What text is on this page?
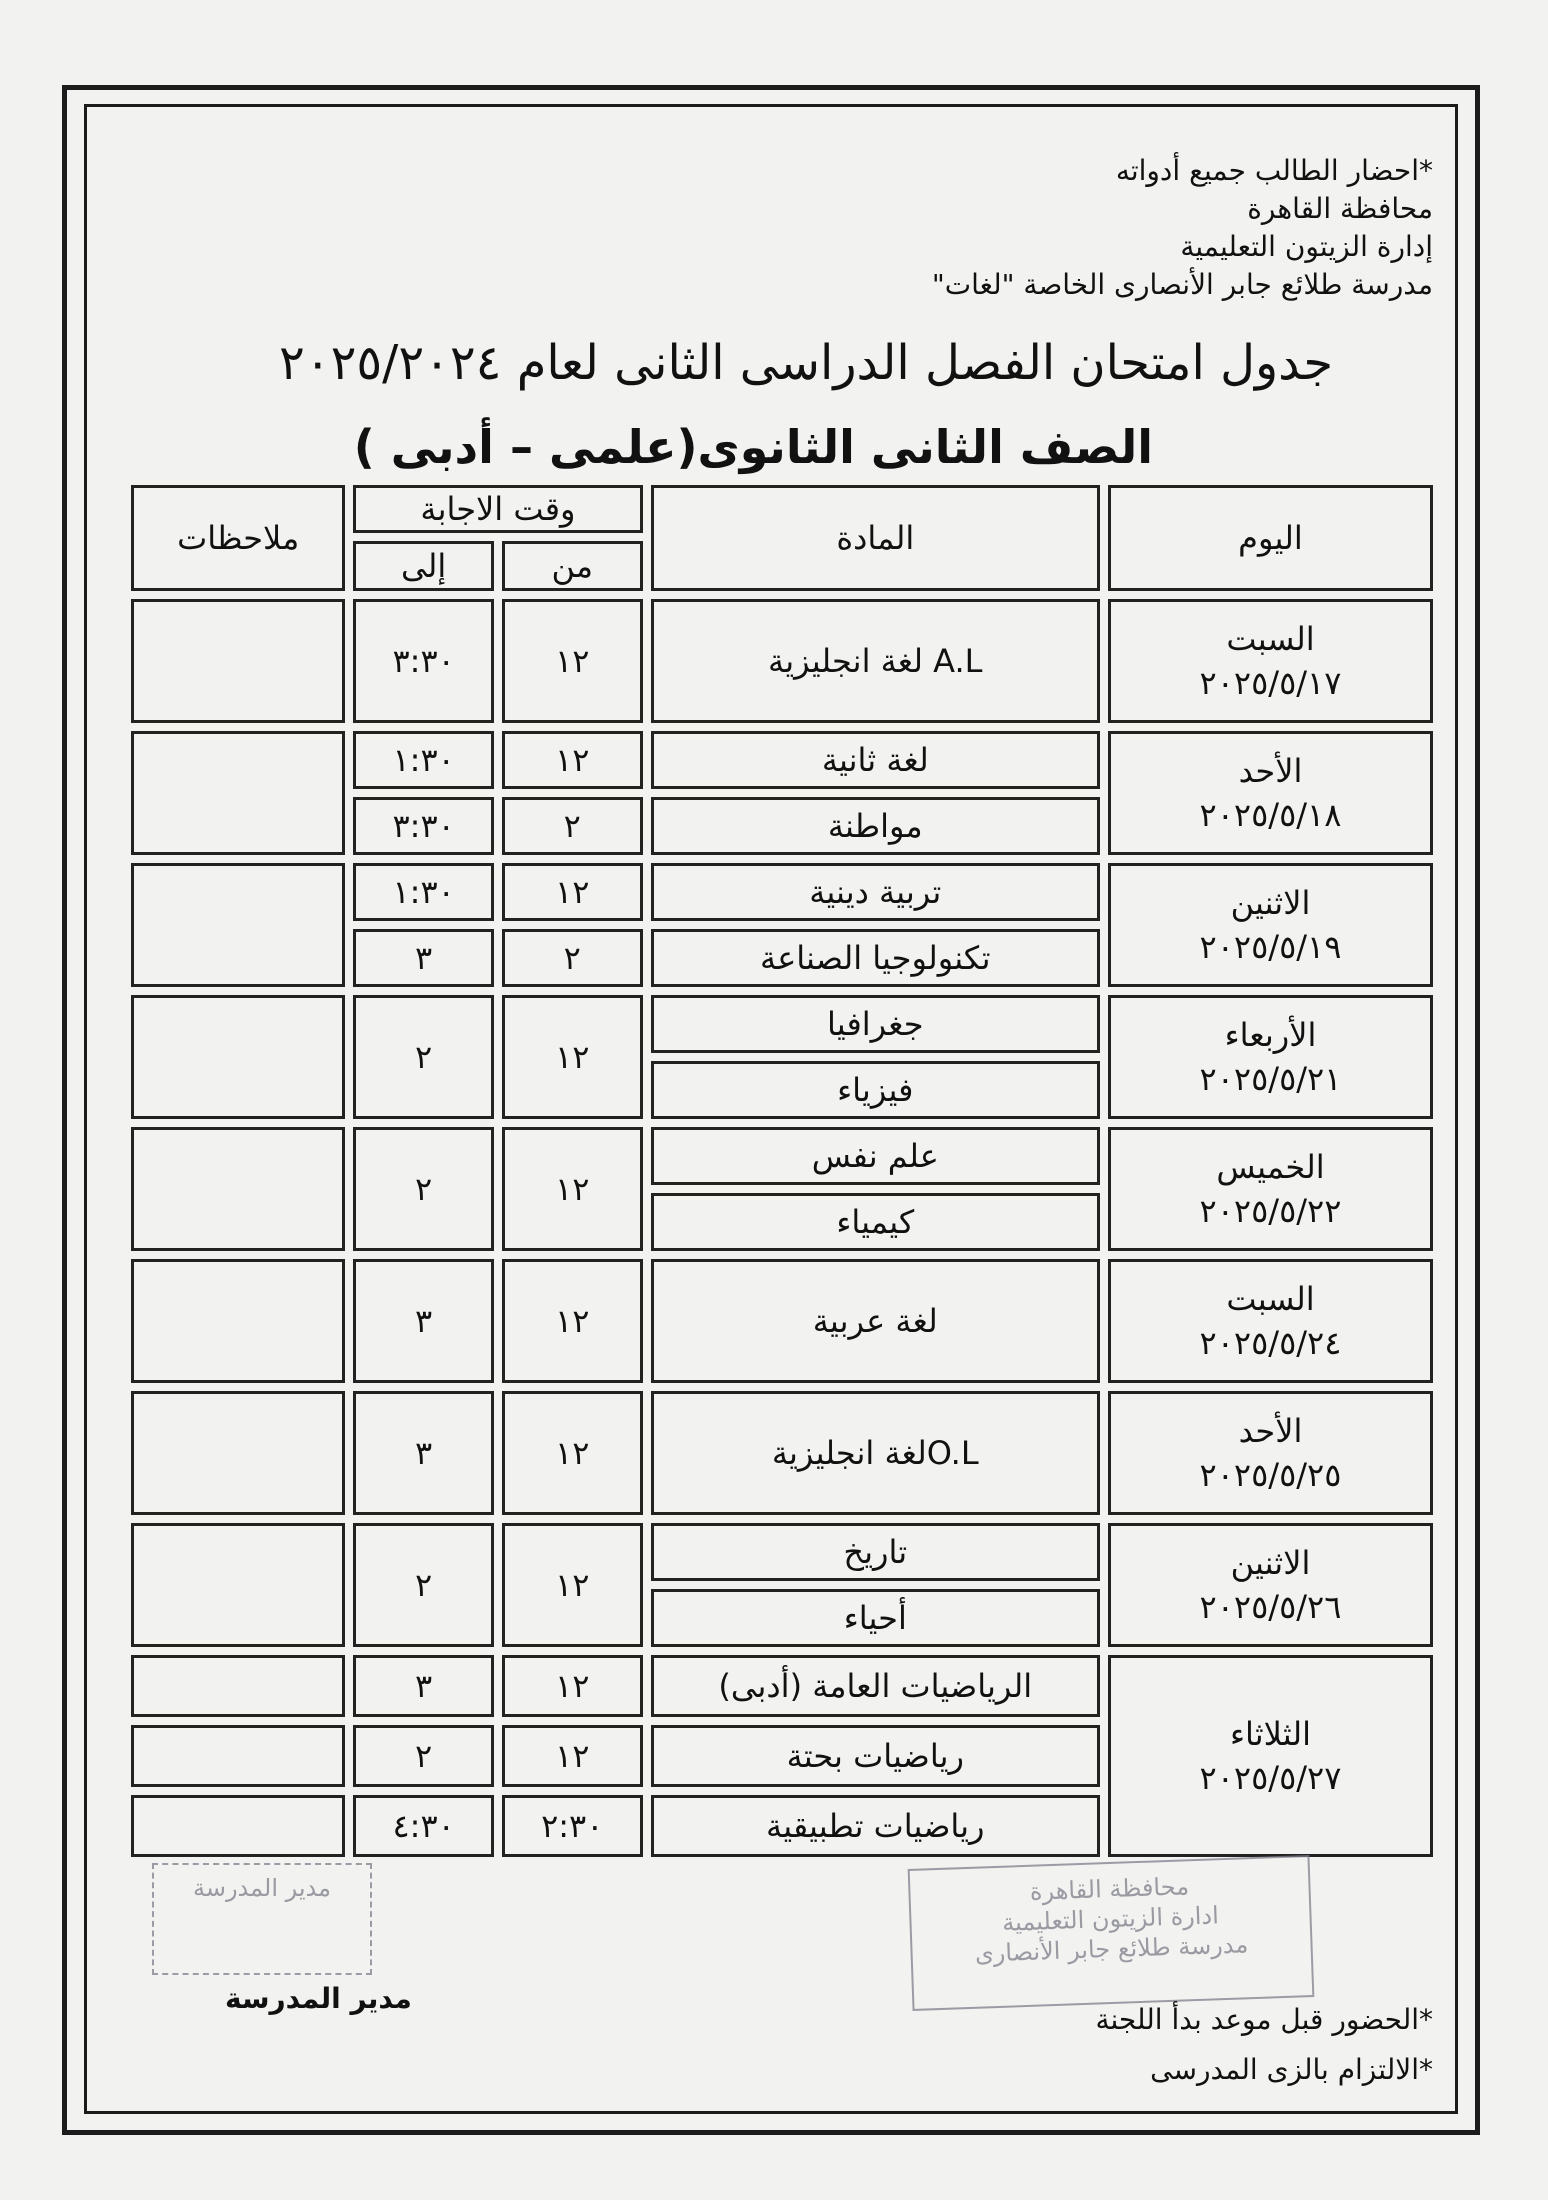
*احضار الطالب جميع أدواته
محافظة القاهرة
إدارة الزيتون التعليمية
مدرسة طلائع جابر الأنصارى الخاصة "لغات"
جدول امتحان الفصل الدراسى الثانى لعام ٢٠٢٥/٢٠٢٤
الصف الثانى الثانوى(علمى – أدبى )
ملاحظات	وقت الاجابة		المادة	اليوم
	إلى	من		
	٣:٣٠	١٢	لغة انجليزية A.L	السبت
٢٠٢٥/٥/١٧

	١:٣٠	١٢	لغة ثانية	الأحد
٢٠٢٥/٥/١٨

	٣:٣٠	٢	مواطنة	
	١:٣٠	١٢	تربية دينية	الاثنين
٢٠٢٥/٥/١٩

	٣	٢	تكنولوجيا الصناعة	
	٢	١٢	جغرافيا	الأربعاء
٢٠٢٥/٥/٢١

			فيزياء	
	٢	١٢	علم نفس	الخميس
٢٠٢٥/٥/٢٢

			كيمياء	
	٣	١٢	لغة عربية	السبت
٢٠٢٥/٥/٢٤

	٣	١٢	لغة انجليزيةO.L	الأحد
٢٠٢٥/٥/٢٥

	٢	١٢	تاريخ	الاثنين
٢٠٢٥/٥/٢٦

			أحياء	
	٣	١٢	الرياضيات العامة (أدبى)	الثلاثاء
٢٠٢٥/٥/٢٧

	٢	١٢	رياضيات بحتة	
	٤:٣٠	٢:٣٠	رياضيات تطبيقية	
مدير المدرسة	محافظة القاهرة
ادارة الزيتون التعليمية
مدرسة طلائع جابر الأنصارى
مدير المدرسة
*الحضور قبل موعد بدأ اللجنة
*الالتزام بالزى المدرسى
